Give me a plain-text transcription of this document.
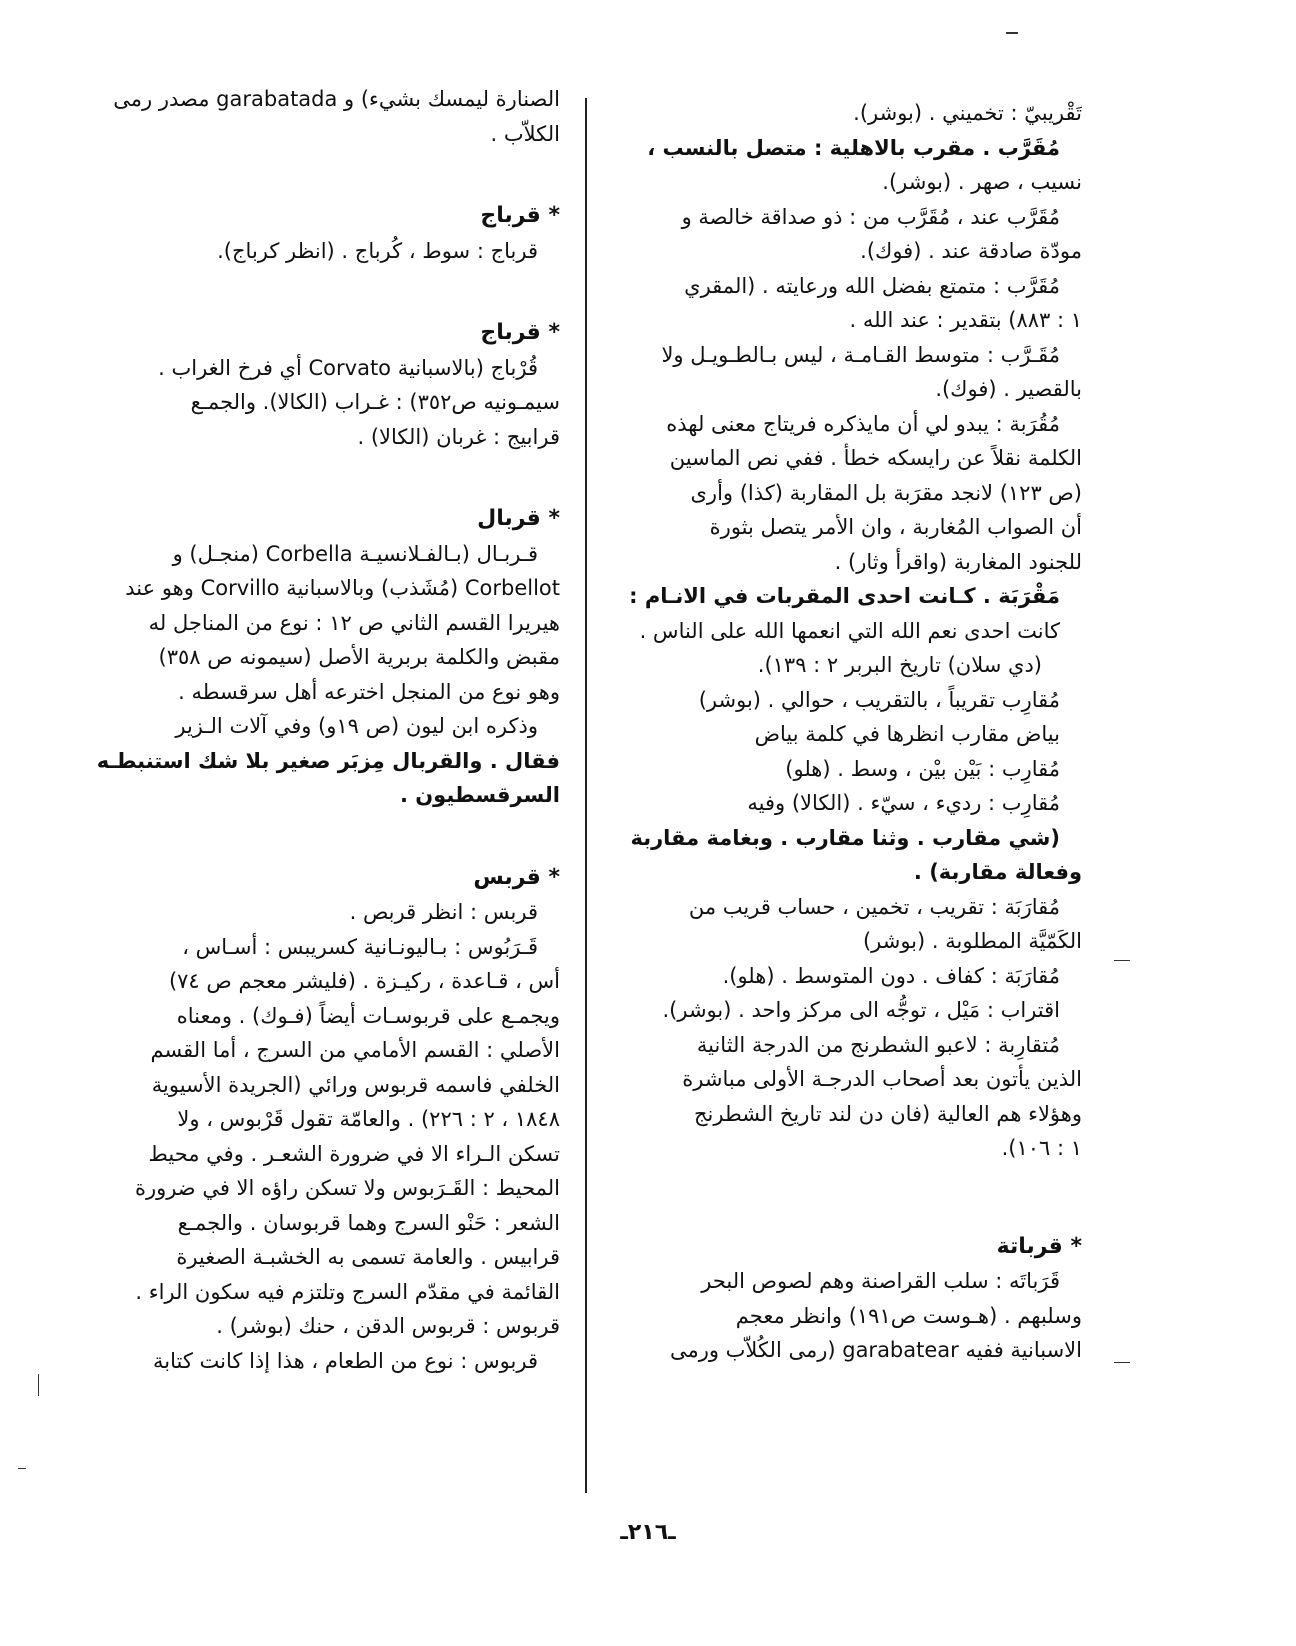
تَقْريبيّ : تخميني . (بوشر).
مُقَرَّب . مقرب بالاهلية : متصل بالنسب ،
نسيب ، صهر . (بوشر).
مُقَرَّب عند ، مُقَرَّب من : ذو صداقة خالصة و
مودّة صادقة عند . (فوك).
مُقَرَّب : متمتع بفضل الله ورعايته . (المقري
١ : ٨٨٣) بتقدير : عند الله .
مُقَـرَّب : متوسط القـامـة ، ليس بـالطـويـل ولا
بالقصير . (فوك).
مُقُرَبة : يبدو لي أن مايذكره فريتاج معنى لهذه
الكلمة نقلاً عن رايسكه خطأ . ففي نص الماسين
(ص ١٢٣) لانجد مقرَبة بل المقاربة (كذا) وأرى
أن الصواب المُغاربة ، وان الأمر يتصل بثورة
للجنود المغاربة (واقرأ وثار) .
مَقْرَبَة . كـانت احدى المقربات في الانـام :
كانت احدى نعم الله التي انعمها الله على الناس .
(دي سلان) تاريخ البربر ٢ : ١٣٩).
مُقارِب تقريباً ، بالتقريب ، حوالي . (بوشر)
بياض مقارب انظرها في كلمة بياض
مُقارِب : بَيْن بيْن ، وسط . (هلو)
مُقارِب : رديء ، سيّء . (الكالا) وفيه
(شي مقارب . وثنا مقارب . وبغامة مقاربة
وفعالة مقاربة) .
مُقارَبَة : تقريب ، تخمين ، حساب قريب من
الكَمّيَّة المطلوبة . (بوشر)
مُقارَبَة : كفاف . دون المتوسط . (هلو).
اقتراب : مَيْل ، توجُّه الى مركز واحد . (بوشر).
مُتقارِبة : لاعبو الشطرنج من الدرجة الثانية
الذين يأتون بعد أصحاب الدرجـة الأولى مباشرة
وهؤلاء هم العالية (فان دن لند تاريخ الشطرنج
١ : ١٠٦).
* قرباتة
قَرَباتَه : سلب القراصنة وهم لصوص البحر
وسلبهم . (هـوست ص١٩١) وانظر معجم
الاسبانية ففيه garabatear (رمى الكُلاّب ورمى
الصنارة ليمسك بشيء) و garabatada مصدر رمى
الكلاّب .
* قرباج
قرباج : سوط ، كُرباج . (انظر كرباج).
* قرباج
قُرْباج (بالاسبانية Corvato أي فرخ الغراب .
سيمـونيه ص٣٥٢) : غـراب (الكالا). والجمـع
قرابيج : غربان (الكالا) .
* قربال
قـربـال (بـالفـلانسيـة Corbella (منجـل) و
Corbellot (مُشَذب) وبالاسبانية Corvillo وهو عند
هيريرا القسم الثاني ص ١٢ : نوع من المناجل له
مقبض والكلمة بربرية الأصل (سيمونه ص ٣٥٨)
وهو نوع من المنجل اخترعه أهل سرقسطه .
وذكره ابن ليون (ص ١٩و) وفي آلات الـزير
فقال . والقربال مِزبَر صغير بلا شك استنبطـه
السرقسطيون .
* قربس
قربس : انظر قربص .
قَـرَبُوس : بـاليونـانية كسريبس : أسـاس ،
أس ، قـاعدة ، ركيـزة . (فليشر معجم ص ٧٤)
ويجمـع على قربوسـات أيضاً (فـوك) . ومعناه
الأصلي : القسم الأمامي من السرج ، أما القسم
الخلفي فاسمه قربوس ورائي (الجريدة الأسيوية
١٨٤٨ ، ٢ : ٢٢٦) . والعامّة تقول قَرْبوس ، ولا
تسكن الـراء الا في ضرورة الشعـر . وفي محيط
المحيط : القَـرَبوس ولا تسكن راؤه الا في ضرورة
الشعر : حَنْو السرج وهما قربوسان . والجمـع
قرابيس . والعامة تسمى به الخشبـة الصغيرة
القائمة في مقدّم السرج وتلتزم فيه سكون الراء .
قربوس : قربوس الدقن ، حنك (بوشر) .
قربوس : نوع من الطعام ، هذا إذا كانت كتابة
ـ٢١٦ـ
